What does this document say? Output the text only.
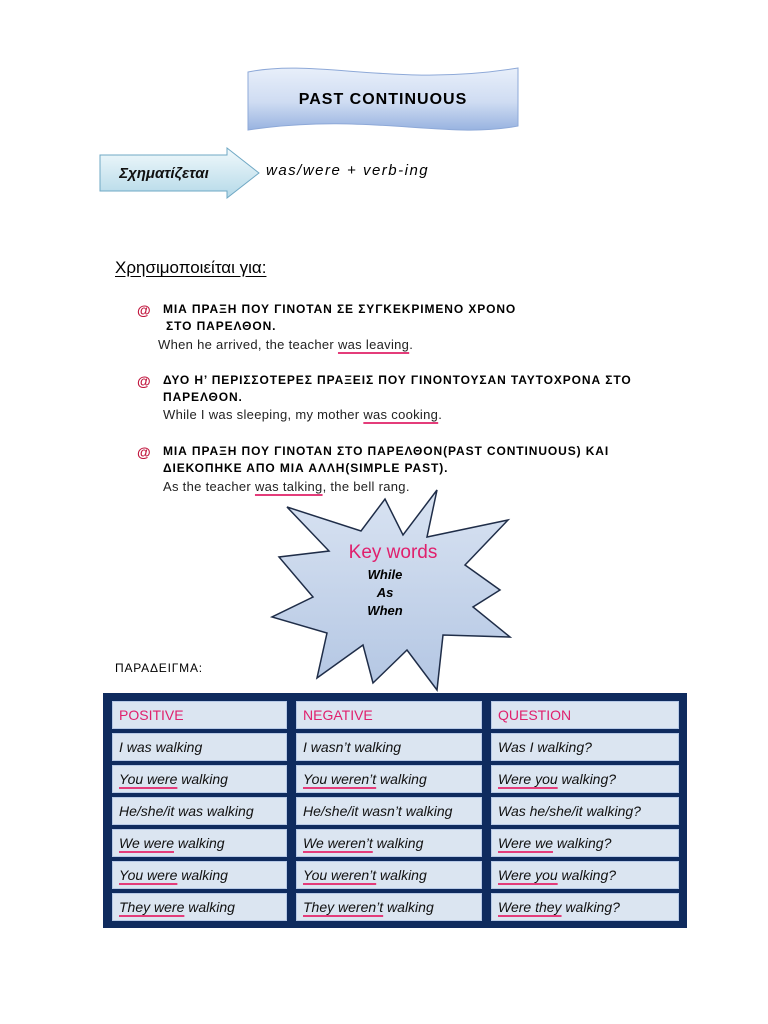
PAST CONTINUOUS
Σχηματίζεται	was/were + verb-ing
Χρησιμοποιείται για:
@ ΜΙΑ ΠΡΑΞΗ ΠΟΥ ΓΙΝΟΤΑΝ ΣΕ ΣΥΓΚΕΚΡΙΜΕΝΟ ΧΡΟΝΟ
ΣΤΟ ΠΑΡΕΛΘΟΝ.
When he arrived, the teacher was leaving.
@ ΔΥΟ Η’ ΠΕΡΙΣΣΟΤΕΡΕΣ ΠΡΑΞΕΙΣ ΠΟΥ ΓΙΝΟΝΤΟΥΣΑΝ ΤΑΥΤΟΧΡΟΝΑ ΣΤΟ
ΠΑΡΕΛΘΟΝ.
While I was sleeping, my mother was cooking.
@ ΜΙΑ ΠΡΑΞΗ ΠΟΥ ΓΙΝΟΤΑΝ ΣΤΟ ΠΑΡΕΛΘΟΝ(PAST CONTINUOUS) ΚΑΙ
ΔΙΕΚΟΠΗΚΕ ΑΠΟ ΜΙΑ ΑΛΛΗ(SIMPLE PAST).
As the teacher was talking, the bell rang.
Key words
While
As
When
ΠΑΡΑΔΕΙΓΜΑ:
POSITIVE	NEGATIVE	QUESTION
I was walking	I wasn’t walking	Was I walking?
You were walking	You weren’t walking	Were you walking?
He/she/it was walking	He/she/it wasn’t walking	Was he/she/it walking?
We were walking	We weren’t walking	Were we walking?
You were walking	You weren’t walking	Were you walking?
They were walking	They weren’t walking	Were they walking?
